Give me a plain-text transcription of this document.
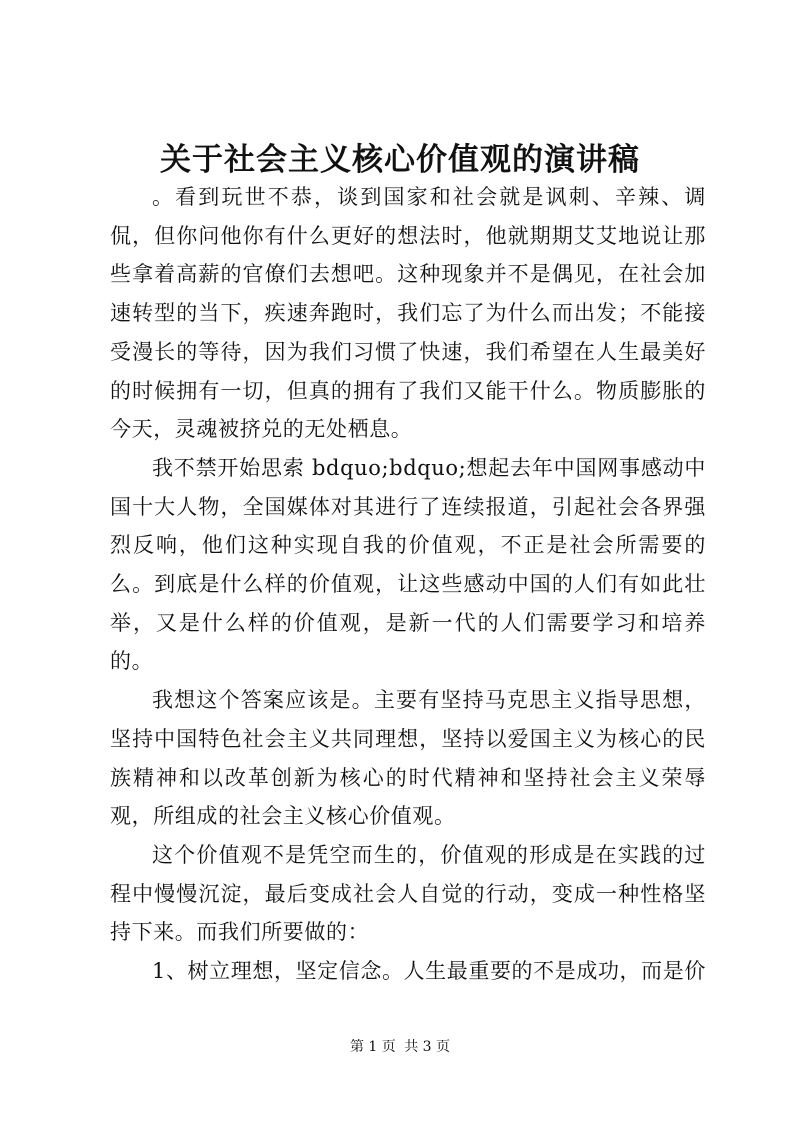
关于社会主义核心价值观的演讲稿

。看到玩世不恭，谈到国家和社会就是讽刺、辛辣、调侃，但你问他你有什么更好的想法时，他就期期艾艾地说让那些拿着高薪的官僚们去想吧。这种现象并不是偶见，在社会加速转型的当下，疾速奔跑时，我们忘了为什么而出发；不能接受漫长的等待，因为我们习惯了快速，我们希望在人生最美好的时候拥有一切，但真的拥有了我们又能干什么。物质膨胀的今天，灵魂被挤兑的无处栖息。

我不禁开始思索 bdquo;bdquo;想起去年中国网事感动中国十大人物，全国媒体对其进行了连续报道，引起社会各界强烈反响，他们这种实现自我的价值观，不正是社会所需要的么。到底是什么样的价值观，让这些感动中国的人们有如此壮举，又是什么样的价值观，是新一代的人们需要学习和培养的。

我想这个答案应该是。主要有坚持马克思主义指导思想，坚持中国特色社会主义共同理想，坚持以爱国主义为核心的民族精神和以改革创新为核心的时代精神和坚持社会主义荣辱观，所组成的社会主义核心价值观。

这个价值观不是凭空而生的，价值观的形成是在实践的过程中慢慢沉淀，最后变成社会人自觉的行动，变成一种性格坚持下来。而我们所要做的：

1、树立理想，坚定信念。人生最重要的不是成功，而是价

第 1 页 共 3 页
